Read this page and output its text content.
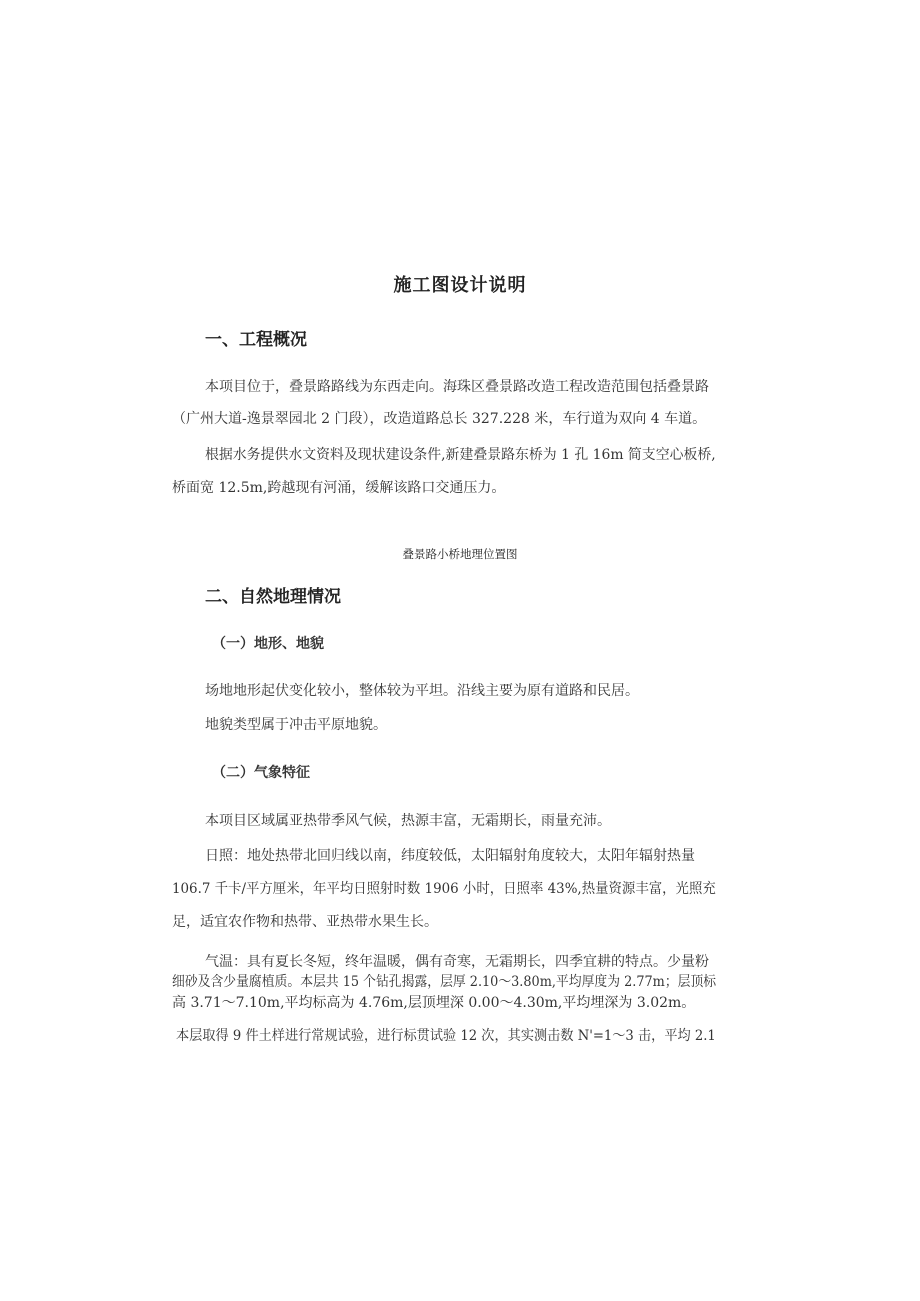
施工图设计说明
一、工程概况

本项目位于，叠景路路线为东西走向。海珠区叠景路改造工程改造范围包括叠景路

（广州大道-逸景翠园北 2 门段），改造道路总长 327.228 米，车行道为双向 4 车道。

根据水务提供水文资料及现状建设条件,新建叠景路东桥为 1 孔 16m 简支空心板桥,

桥面宽 12.5m,跨越现有河涌，缓解该路口交通压力。

叠景路小桥地理位置图

二、自然地理情况
（一）地形、地貌

场地地形起伏变化较小，整体较为平坦。沿线主要为原有道路和民居。

地貌类型属于冲击平原地貌。

（二）气象特征

本项目区域属亚热带季风气候，热源丰富，无霜期长，雨量充沛。

日照：地处热带北回归线以南，纬度较低，太阳辐射角度较大，太阳年辐射热量

106.7 千卡/平方厘米，年平均日照射时数 1906 小时，日照率 43%,热量资源丰富，光照充

足，适宜农作物和热带、亚热带水果生长。

气温：具有夏长冬短，终年温暖，偶有奇寒，无霜期长，四季宜耕的特点。少量粉

细砂及含少量腐植质。本层共 15 个钻孔揭露，层厚 2.10～3.80m,平均厚度为 2.77m；层顶标

高 3.71～7.10m,平均标高为 4.76m,层顶埋深 0.00～4.30m,平均埋深为 3.02m。

本层取得 9 件土样进行常规试验，进行标贯试验 12 次，其实测击数 N'=1～3 击，平均 2.1
